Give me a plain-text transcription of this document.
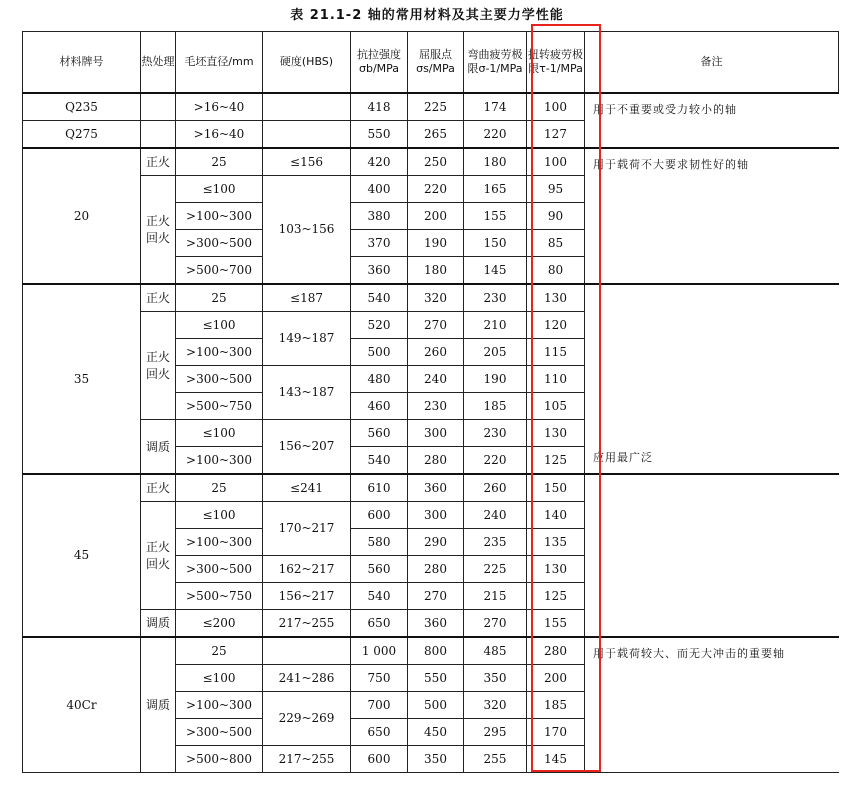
表 21.1-2 轴的常用材料及其主要力学性能
材料牌号	热处理	毛坯直径/mm	硬度(HBS)	抗拉强度σb/MPa	屈服点σs/MPa	弯曲疲劳极限σ-1/MPa	扭转疲劳极限τ-1/MPa	备注
Q235		>16~40		418	225	174	100	用于不重要或受力较小的轴
Q275		>16~40		550	265	220	127	
20	正火	25	≤156	420	250	180	100	用于载荷不大要求韧性好的轴
	正火回火	≤100	103~156	400	220	165	95	
		>100~300		380	200	155	90	
		>300~500		370	190	150	85	
		>500~700		360	180	145	80	
35	正火	25	≤187	540	320	230	130	应用最广泛
	正火回火	≤100	149~187	520	270	210	120	
		>100~300		500	260	205	115	
		>300~500	143~187	480	240	190	110	
		>500~750		460	230	185	105	
	调质	≤100	156~207	560	300	230	130	
		>100~300		540	280	220	125	
45	正火	25	≤241	610	360	260	150	
	正火回火	≤100	170~217	600	300	240	140	
		>100~300		580	290	235	135	
		>300~500	162~217	560	280	225	130	
		>500~750	156~217	540	270	215	125	
	调质	≤200	217~255	650	360	270	155	
40Cr	调质	25		1 000	800	485	280	用于载荷较大、而无大冲击的重要轴
		≤100	241~286	750	550	350	200	
		>100~300	229~269	700	500	320	185	
		>300~500		650	450	295	170	
		>500~800	217~255	600	350	255	145	
